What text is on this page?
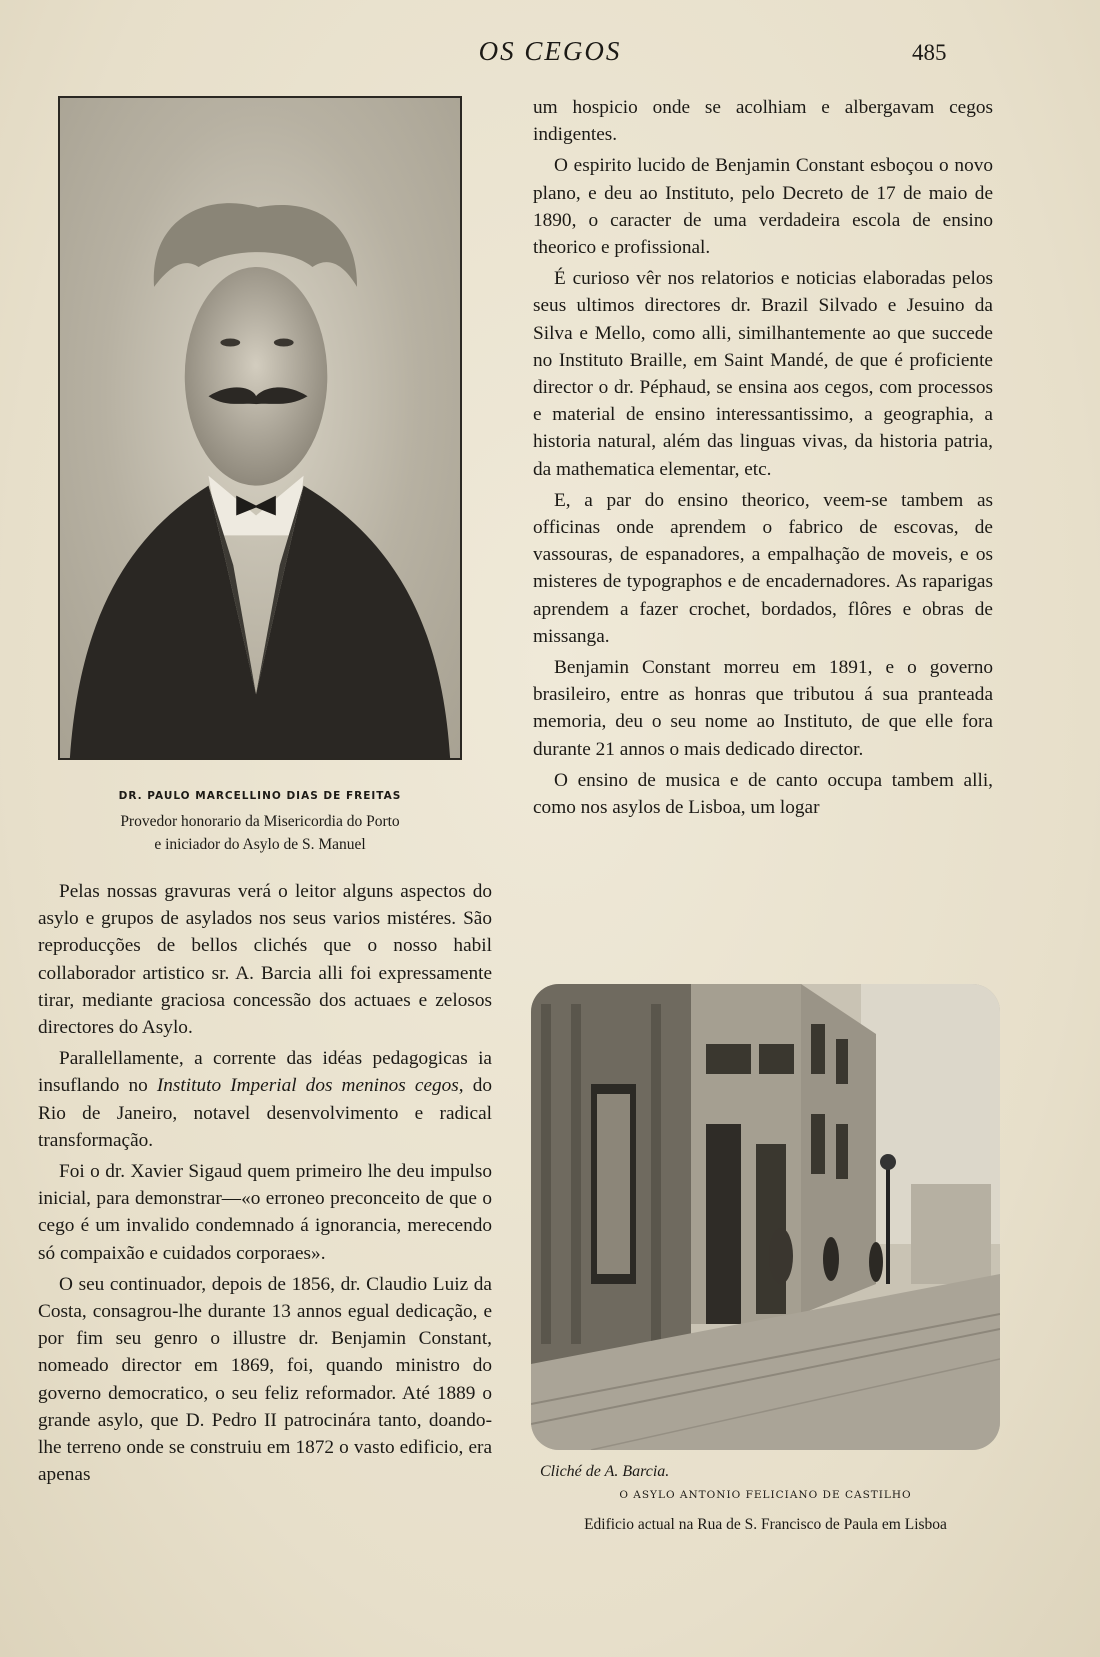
OS CEGOS	485
DR. PAULO MARCELLINO DIAS DE FREITAS
Provedor honorario da Misericordia do Porto
e iniciador do Asylo de S. Manuel

Pelas nossas gravuras verá o leitor alguns aspectos do asylo e grupos de asylados nos seus varios mistéres. São reproducções de bellos clichés que o nosso habil collaborador artistico sr. A. Barcia alli foi expressamente tirar, mediante graciosa concessão dos actuaes e zelosos directores do Asylo.

Parallellamente, a corrente das idéas pedagogicas ia insuflando no Instituto Imperial dos meninos cegos, do Rio de Janeiro, notavel desenvolvimento e radical transformação.

Foi o dr. Xavier Sigaud quem primeiro lhe deu impulso inicial, para demonstrar—«o erroneo preconceito de que o cego é um invalido condemnado á ignorancia, merecendo só compaixão e cuidados corporaes».

O seu continuador, depois de 1856, dr. Claudio Luiz da Costa, consagrou-lhe durante 13 annos egual dedicação, e por fim seu genro o illustre dr. Benjamin Constant, nomeado director em 1869, foi, quando ministro do governo democratico, o seu feliz reformador. Até 1889 o grande asylo, que D. Pedro II patrocinára tanto, doando-lhe terreno onde se construiu em 1872 o vasto edificio, era apenas

um hospicio onde se acolhiam e albergavam cegos indigentes.

O espirito lucido de Benjamin Constant esboçou o novo plano, e deu ao Instituto, pelo Decreto de 17 de maio de 1890, o caracter de uma verdadeira escola de ensino theorico e profissional.

É curioso vêr nos relatorios e noticias elaboradas pelos seus ultimos directores dr. Brazil Silvado e Jesuino da Silva e Mello, como alli, similhantemente ao que succede no Instituto Braille, em Saint Mandé, de que é proficiente director o dr. Péphaud, se ensina aos cegos, com processos e material de ensino interessantissimo, a geographia, a historia natural, além das linguas vivas, da historia patria, da mathematica elementar, etc.

E, a par do ensino theorico, veem-se tambem as officinas onde aprendem o fabrico de escovas, de vassouras, de espanadores, a empalhação de moveis, e os misteres de typographos e de encadernadores. As raparigas aprendem a fazer crochet, bordados, flôres e obras de missanga.

Benjamin Constant morreu em 1891, e o governo brasileiro, entre as honras que tributou á sua pranteada memoria, deu o seu nome ao Instituto, de que elle fora durante 21 annos o mais dedicado director.

O ensino de musica e de canto occupa tambem alli, como nos asylos de Lisboa, um logar

Cliché de A. Barcia.
O ASYLO ANTONIO FELICIANO DE CASTILHO
Edificio actual na Rua de S. Francisco de Paula em Lisboa
